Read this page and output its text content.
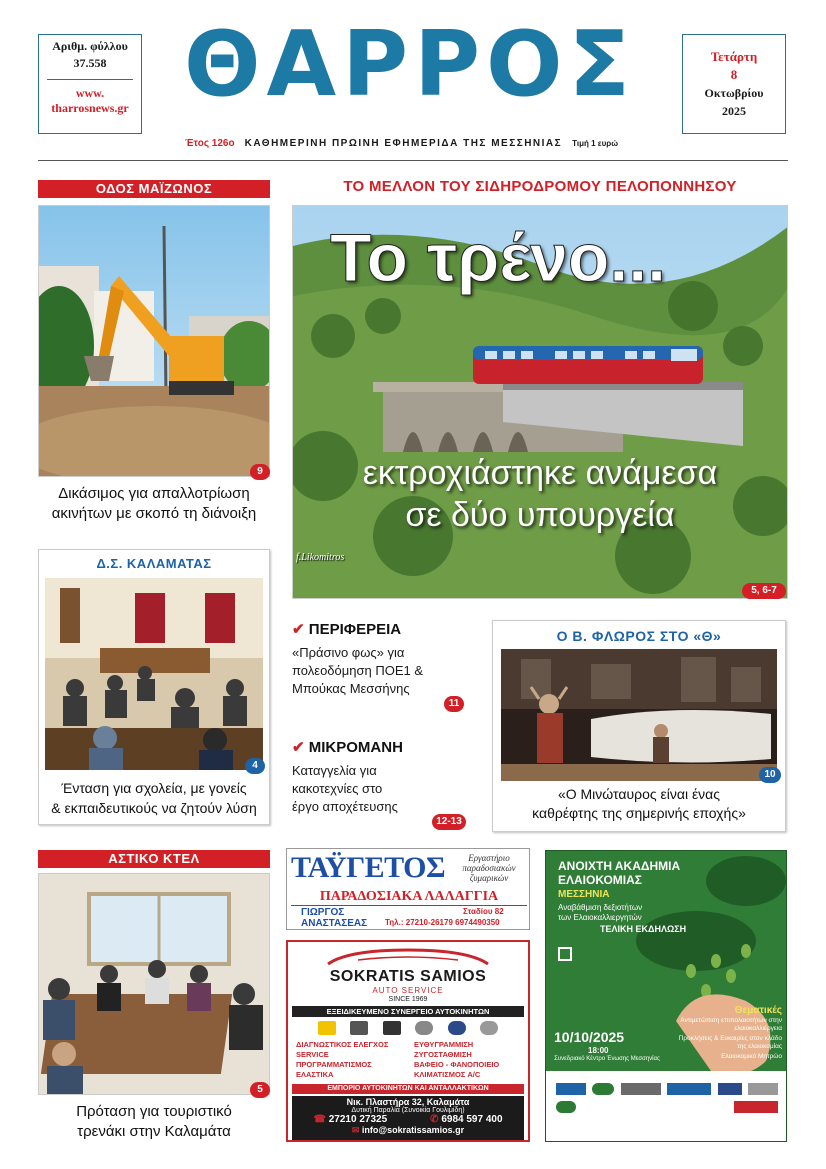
Αριθμ. φύλλου
37.558
www.
tharrosnews.gr ΘΑΡΡΟΣ	Τετάρτη
8
Οκτωβρίου
2025
Έτος 126ο ΚΑΘΗΜΕΡΙΝΗ ΠΡΩΙΝΗ ΕΦΗΜΕΡΙΔΑ ΤΗΣ ΜΕΣΣΗΝΙΑΣ Τιμή 1 ευρώ
ΟΔΟΣ ΜΑΪΖΩΝΟΣ
9
Δικάσιμος για απαλλοτρίωση
ακινήτων με σκοπό τη διάνοιξη
Δ.Σ. ΚΑΛΑΜΑΤΑΣ
4
Ένταση για σχολεία, με γονείς
& εκπαιδευτικούς να ζητούν λύση
ΑΣΤΙΚΟ ΚΤΕΛ
5
Πρόταση για τουριστικό
τρενάκι στην Καλαμάτα
ΤΟ ΜΕΛΛΟΝ ΤΟΥ ΣΙΔΗΡΟΔΡΟΜΟΥ ΠΕΛΟΠΟΝΝΗΣΟΥ
Το τρένο...
εκτροχιάστηκε ανάμεσα
σε δύο υπουργεία
f.Likomitros
5, 6-7
✔ ΠΕΡΙΦΕΡΕΙΑ
«Πράσινο φως» για
πολεοδόμηση ΠΟΕ1 &
Μπούκας Μεσσήνης
11
✔ ΜΙΚΡΟΜΑΝΗ
Καταγγελία για
κακοτεχνίες στο
έργο αποχέτευσης
12-13
Ο Β. ΦΛΩΡΟΣ ΣΤΟ «Θ»
10
«Ο Μινώταυρος είναι ένας
καθρέφτης της σημερινής εποχής»
ΤΑΫΓΕΤΟΣ	Εργαστήριο
παραδοσιακών
ζυμαρικών
ΠΑΡΑΔΟΣΙΑΚΑ ΛΑΛΑΓΓΙΑ
ΓΙΩΡΓΟΣ
ΑΝΑΣΤΑΣΕΑΣ
Σταδίου 82
Τηλ.: 27210-26179 6974490350
SOKRATIS SAMIOS
AUTO SERVICE
SINCE 1969
ΕΞΕΙΔΙΚΕΥΜΕΝΟ ΣΥΝΕΡΓΕΙΟ ΑΥΤΟΚΙΝΗΤΩΝ
ΔΙΑΓΝΩΣΤΙΚΟΣ ΕΛΕΓΧΟΣ
SERVICE
ΠΡΟΓΡΑΜΜΑΤΙΣΜΟΣ
ΕΛΑΣΤΙΚΑ
ΕΥΘΥΓΡΑΜΜΙΣΗ
ΖΥΓΟΣΤΑΘΜΙΣΗ
ΒΑΦΕΙΟ - ΦΑΝΟΠΟΙΕΙΟ
ΚΛΙΜΑΤΙΣΜΟΣ A/C
ΕΜΠΟΡΙΟ ΑΥΤΟΚΙΝΗΤΩΝ ΚΑΙ ΑΝΤΑΛΛΑΚΤΙΚΩΝ
Νικ. Πλαστήρα 32, Καλαμάτα
Δυτική Παραλία (Συνοικία Γουλιμίδη)
☎ 27210 27325	✆ 6984 597 400
✉ info@sokratissamios.gr
ΑΝΟΙΧΤΗ ΑΚΑΔΗΜΙΑ
ΕΛΑΙΟΚΟΜΙΑΣ
ΜΕΣΣΗΝΙΑ
Αναβάθμιση δεξιοτήτων
των Ελαιοκαλλιεργητών
ΤΕΛΙΚΗ ΕΚΔΗΛΩΣΗ
Θεματικές
Αντιμετώπιση επιπολαιοτήτων στην ελαιοκαλλιέργεια
Προκλήσεις & Ευκαιρίες στον κλάδο της ελαιοκομίας
Ελαιοκομικό Μητρώο
10/10/2025
18:00
Συνεδριακό Κέντρο Ένωσης Μεσσηνίας
